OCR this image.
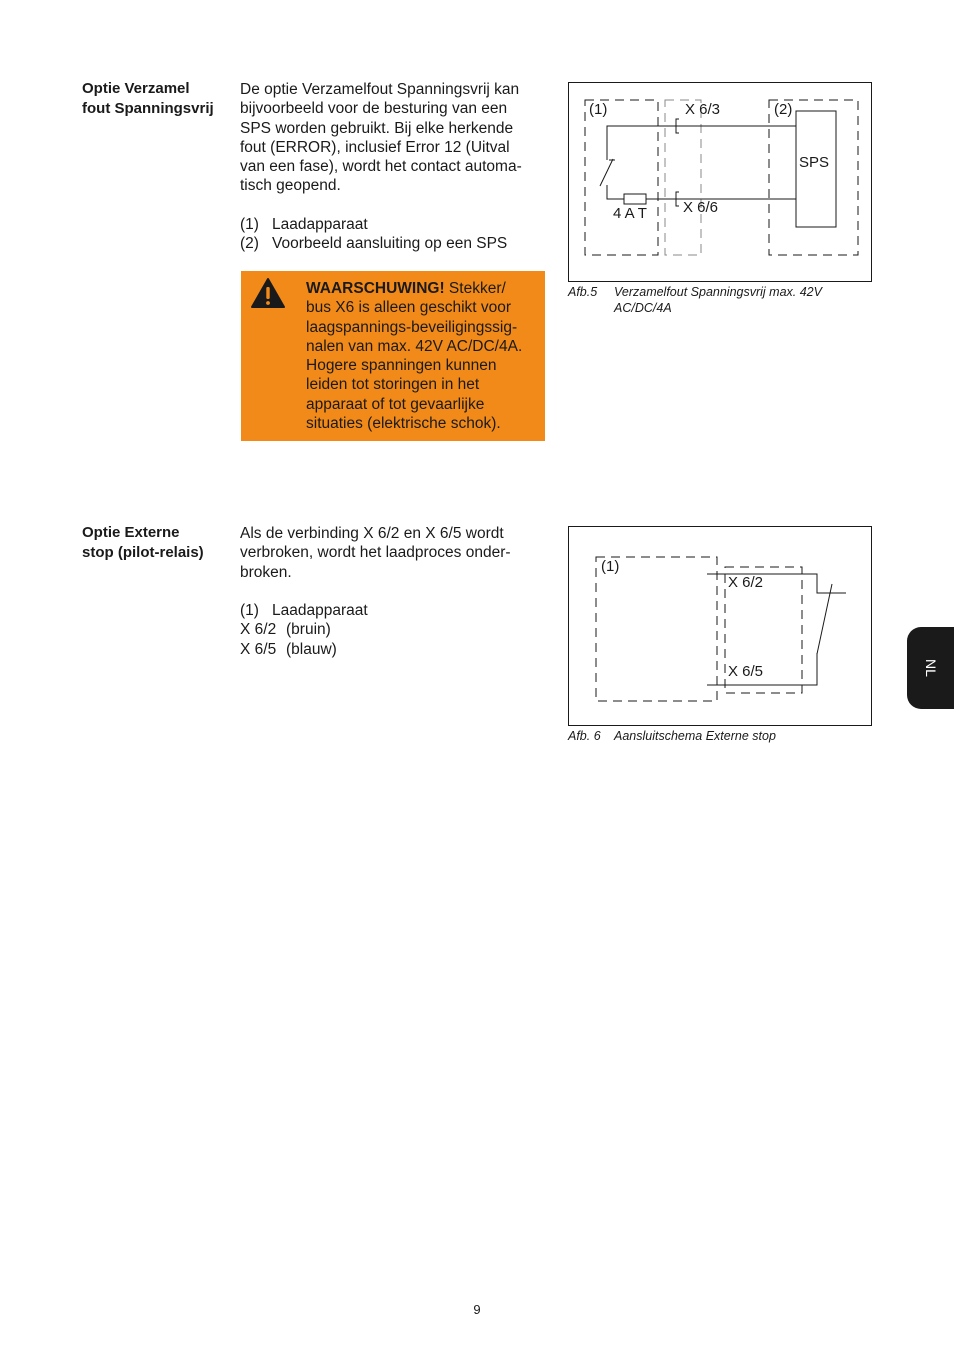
Optie Verzamel
fout Spanningsvrij
De optie Verzamelfout Spanningsvrij kan
bijvoorbeeld voor de besturing van een
SPS worden gebruikt. Bij elke herkende
fout (ERROR), inclusief Error 12 (Uitval
van een fase), wordt het contact automa-
tisch geopend.
(1) Laadapparaat
(2) Voorbeeld aansluiting op een SPS
WAARSCHUWING! Stekker/
bus X6 is alleen geschikt voor
laagspannings-beveiligingssig-
nalen van max. 42V AC/DC/4A.
Hogere spanningen kunnen
leiden tot storingen in het
apparaat of tot gevaarlijke
situaties (elektrische schok).
(1)	X 6/3	(2)
SPS
4 A T X 6/6
Afb.5 Verzamelfout Spanningsvrij max. 42V
AC/DC/4A
Optie Externe
stop (pilot-relais)
Als de verbinding X 6/2 en X 6/5 wordt
verbroken, wordt het laadproces onder-
broken.
(1) Laadapparaat
X 6/2 (bruin)
X 6/5 (blauw)
(1)
X 6/2
X 6/5
Afb. 6 Aansluitschema Externe stop
NL
9
